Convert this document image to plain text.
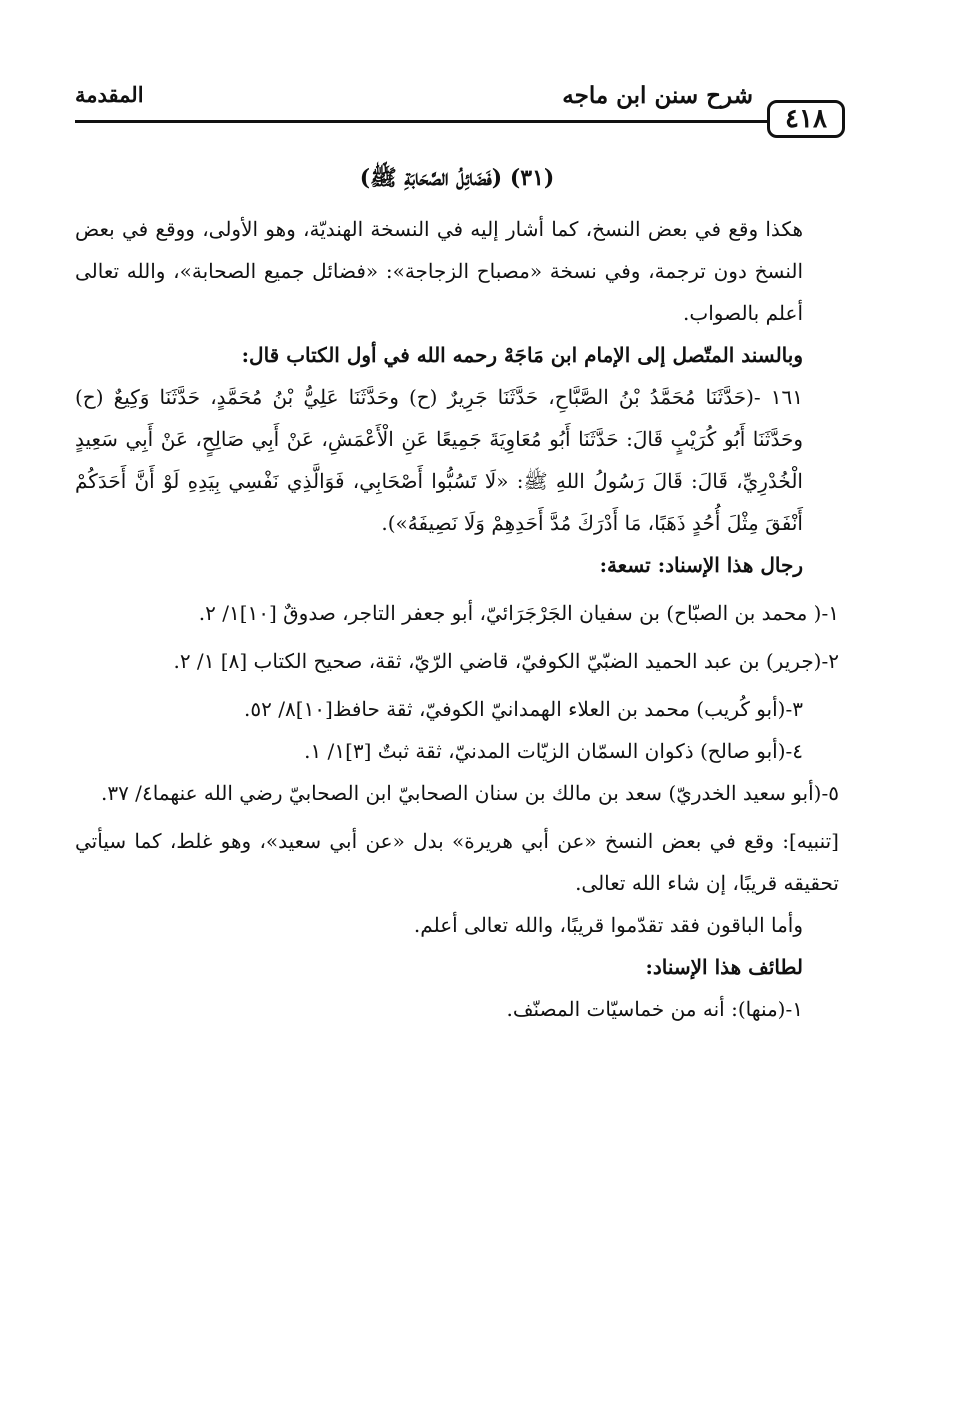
٤١٨
شرح سنن ابن ماجه
المقدمة
(٣١) (فَضَائِلُ الصَّحَابَةِ ﷺ)

هكذا وقع في بعض النسخ، كما أشار إليه في النسخة الهنديّة، وهو الأولى، ووقع في بعض النسخ دون ترجمة، وفي نسخة «مصباح الزجاجة»: «فضائل جميع الصحابة»، والله تعالى أعلم بالصواب.

وبالسند المتّصل إلى الإمام ابن مَاجَهْ رحمه الله في أول الكتاب قال:

١٦١ -(حَدَّثَنَا مُحَمَّدُ بْنُ الصَّبَّاحِ، حَدَّثَنَا جَرِيرٌ (ح) وحَدَّثَنَا عَلِيُّ بْنُ مُحَمَّدٍ، حَدَّثَنَا وَكِيعٌ (ح) وحَدَّثَنَا أَبُو كُرَيْبٍ قَالَ: حَدَّثَنَا أَبُو مُعَاوِيَةَ جَمِيعًا عَنِ الْأَعْمَشِ، عَنْ أَبِي صَالِحٍ، عَنْ أَبِي سَعِيدٍ الْخُدْرِيِّ، قَالَ: قَالَ رَسُولُ اللهِ ﷺ: «لَا تَسُبُّوا أَصْحَابِي، فَوَالَّذِي نَفْسِي بِيَدِهِ لَوْ أَنَّ أَحَدَكُمْ أَنْفَقَ مِثْلَ أُحُدٍ ذَهَبًا، مَا أَدْرَكَ مُدَّ أَحَدِهِمْ وَلَا نَصِيفَهُ»).

رجال هذا الإسناد: تسعة:

١-( محمد بن الصبّاح) بن سفيان الجَرْجَرَائيّ، أبو جعفر التاجر، صدوقٌ [١٠]١/ ٢.

٢-(جرير) بن عبد الحميد الضبّيّ الكوفيّ، قاضي الرّيّ، ثقة، صحيح الكتاب [٨] ١/ ٢.

٣-(أبو كُريب) محمد بن العلاء الهمدانيّ الكوفيّ، ثقة حافظ[١٠]٨/ ٥٢.

٤-(أبو صالح) ذكوان السمّان الزيّات المدنيّ، ثقة ثبتٌ [٣]١/ ١.

٥-(أبو سعيد الخدريّ) سعد بن مالك بن سنان الصحابيّ ابن الصحابيّ رضي الله عنهما٤/ ٣٧.

[تنبيه]: وقع في بعض النسخ «عن أبي هريرة» بدل «عن أبي سعيد»، وهو غلط، كما سيأتي تحقيقه قريبًا، إن شاء الله تعالى.

وأما الباقون فقد تقدّموا قريبًا، والله تعالى أعلم.

لطائف هذا الإسناد:

١-(منها): أنه من خماسيّات المصنّف.
